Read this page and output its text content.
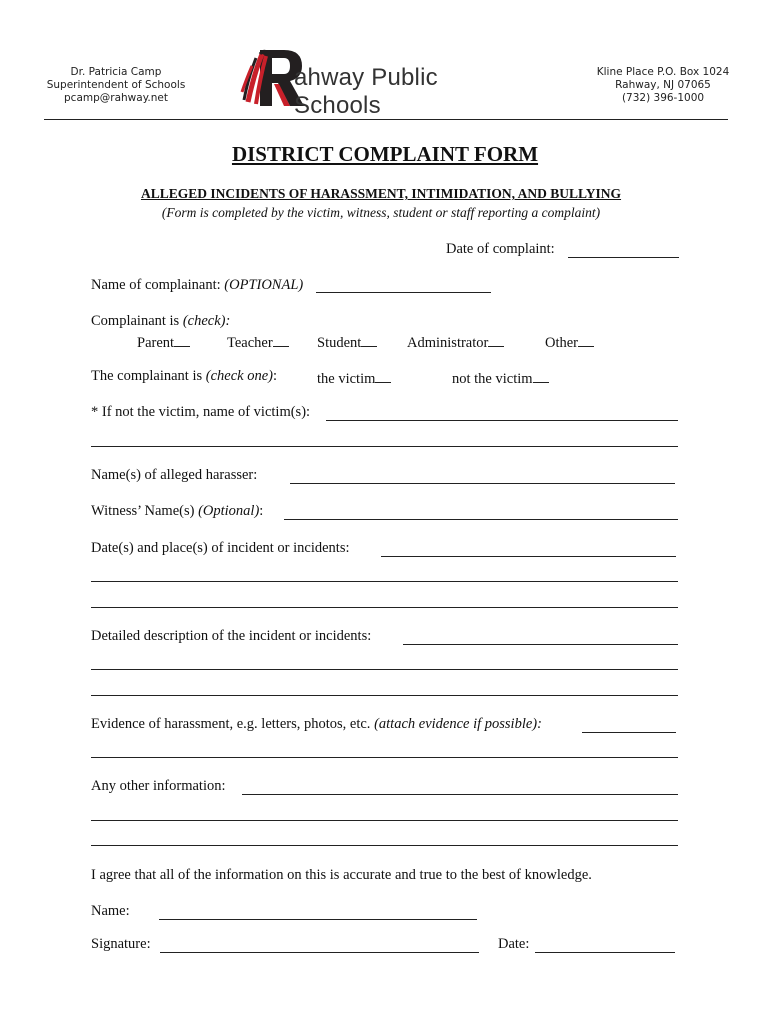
Dr. Patricia Camp
Superintendent of Schools
pcamp@rahway.net
ahway Public Schools
Kline Place P.O. Box 1024
Rahway, NJ 07065
(732) 396-1000
DISTRICT COMPLAINT FORM
ALLEGED INCIDENTS OF HARASSMENT, INTIMIDATION, AND BULLYING
(Form is completed by the victim, witness, student or staff reporting a complaint)
Date of complaint:
Name of complainant: (OPTIONAL)
Complainant is (check):
Parent	Teacher	Student	Administrator	Other
The complainant is (check one):	the victim	not the victim
* If not the victim, name of victim(s):
Name(s) of alleged harasser:
Witness’ Name(s) (Optional):
Date(s) and place(s) of incident or incidents:
Detailed description of the incident or incidents:
Evidence of harassment, e.g. letters, photos, etc. (attach evidence if possible):
Any other information:
I agree that all of the information on this is accurate and true to the best of knowledge.
Name:
Signature:	Date:
